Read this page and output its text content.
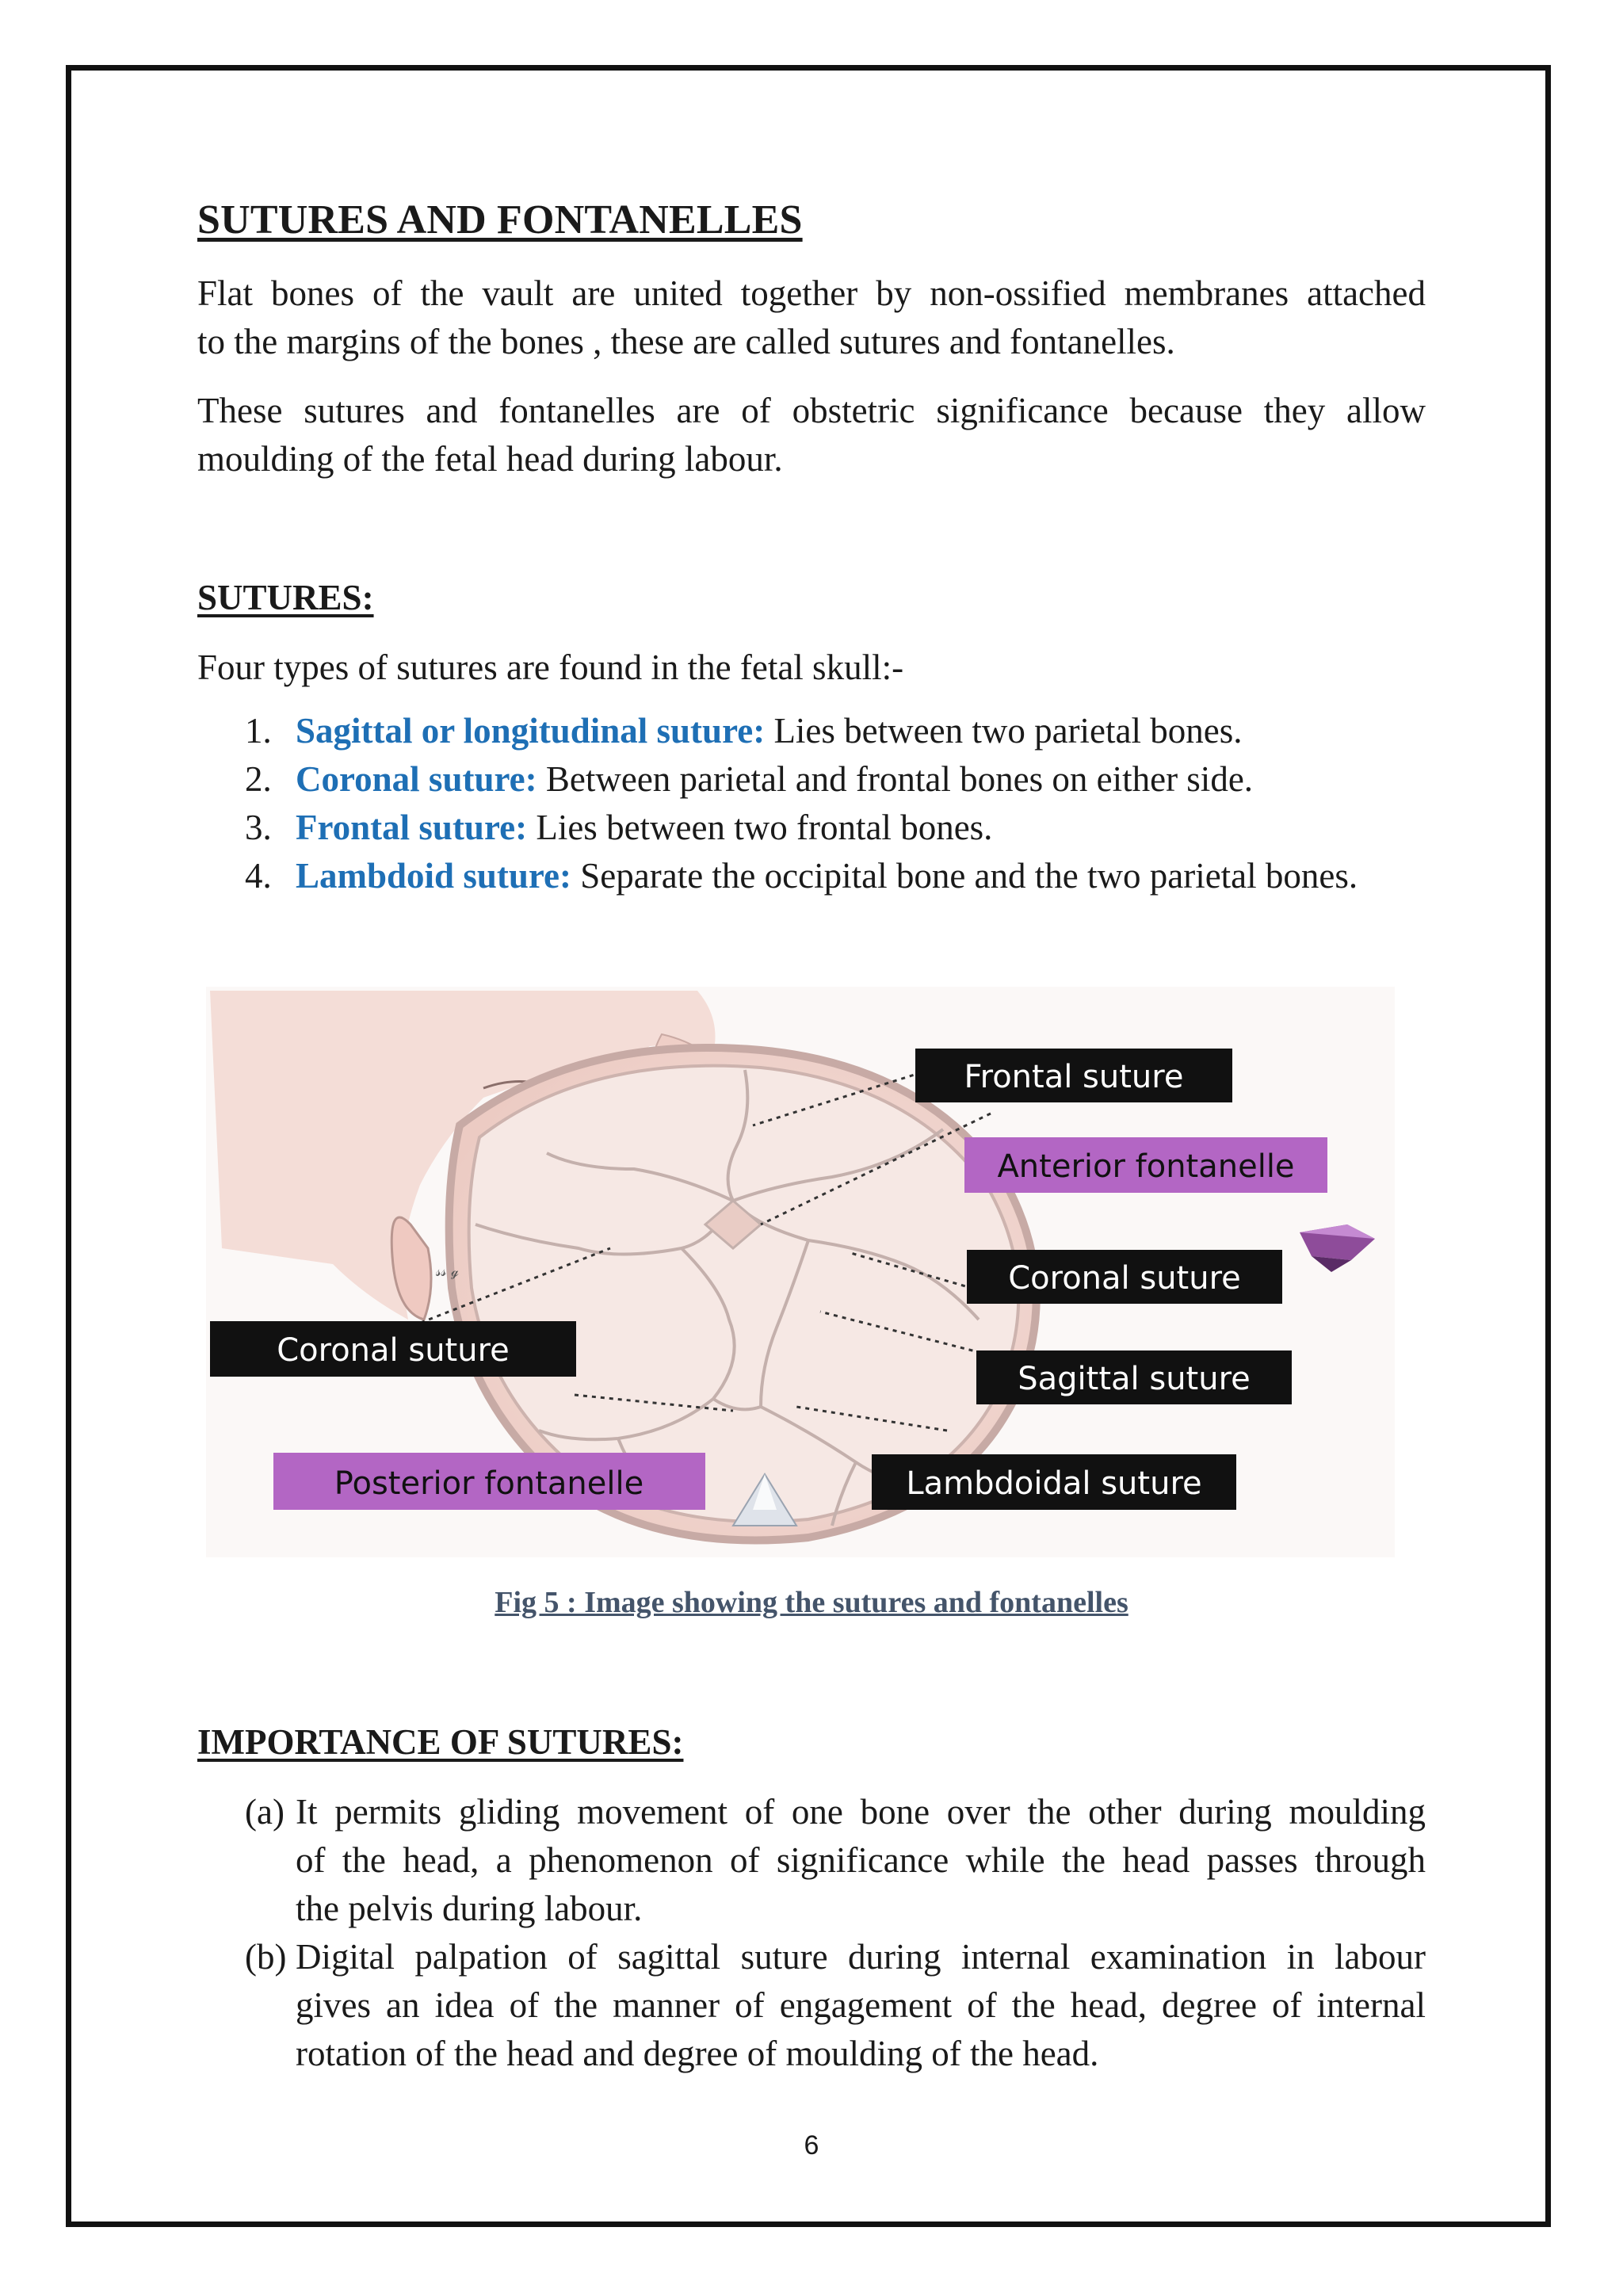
SUTURES AND FONTANELLES

Flat bones of the vault are united together by non-ossified membranes attached
to the margins of the bones , these are called sutures and fontanelles.

These sutures and fontanelles are of obstetric significance because they allow
moulding of the fetal head during labour.

SUTURES:

Four types of sutures are found in the fetal skull:-

1. Sagittal or longitudinal suture: Lies between two parietal bones.
2. Coronal suture: Between parietal and frontal bones on either side.
3. Frontal suture: Lies between two frontal bones.
4. Lambdoid suture: Separate the occipital bone and the two parietal bones.
𝓈𝓈 ℊ
Frontal suture
Anterior fontanelle
Coronal suture
Coronal suture
Sagittal suture
Posterior fontanelle	Lambdoidal suture
Fig 5 : Image showing the sutures and fontanelles
IMPORTANCE OF SUTURES:
(a) It permits gliding movement of one bone over the other during moulding
of the head, a phenomenon of significance while the head passes through
the pelvis during labour.
(b) Digital palpation of sagittal suture during internal examination in labour
gives an idea of the manner of engagement of the head, degree of internal
rotation of the head and degree of moulding of the head.
6
